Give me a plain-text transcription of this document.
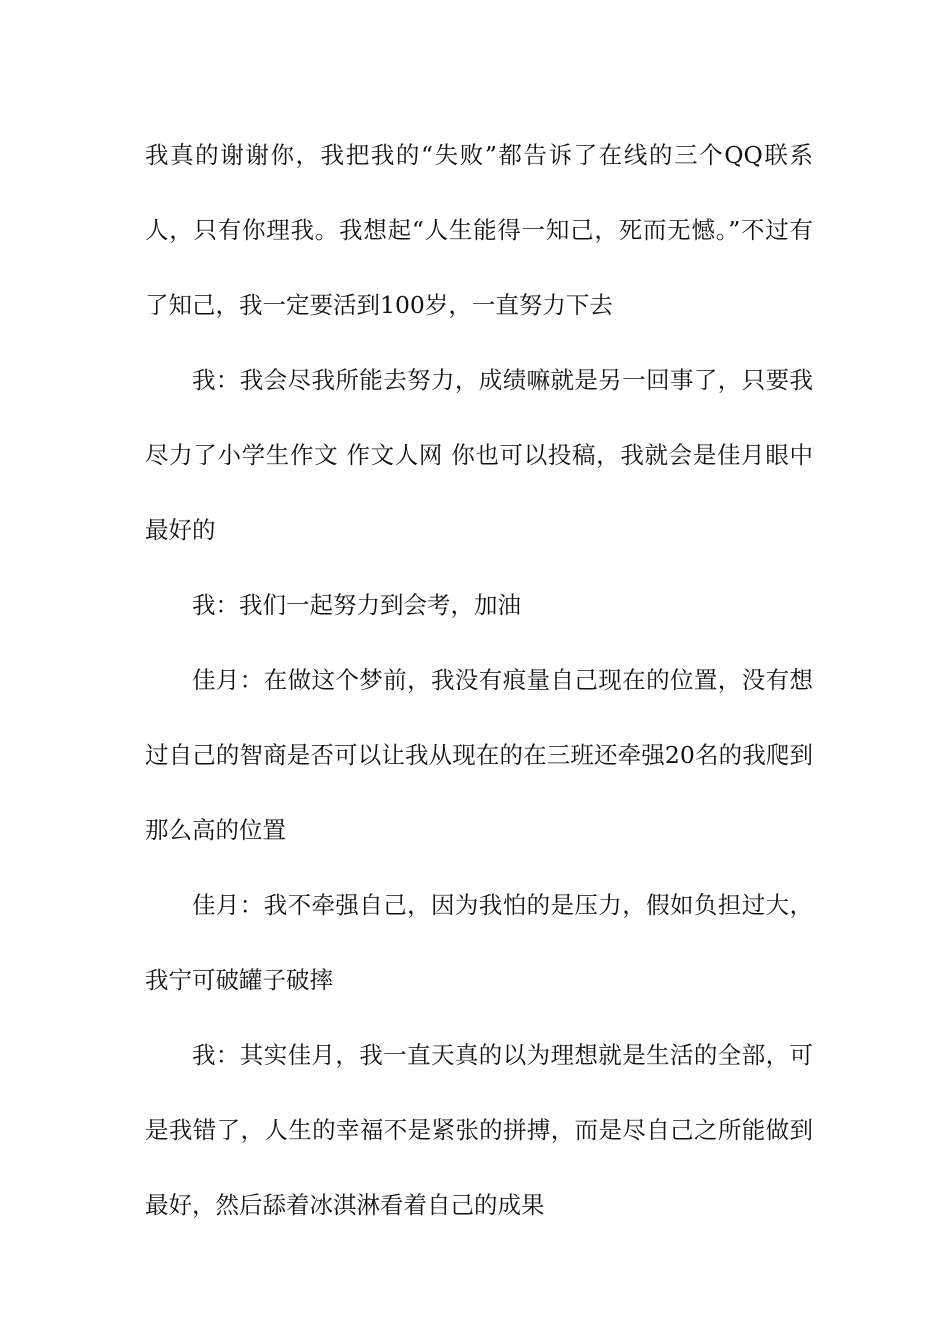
我真的谢谢你，我把我的“失败”都告诉了在线的三个QQ联系人，只有你理我。我想起“人生能得一知己，死而无憾。”不过有了知己，我一定要活到100岁，一直努力下去

我：我会尽我所能去努力，成绩嘛就是另一回事了，只要我尽力了小学生作文 作文人网 你也可以投稿，我就会是佳月眼中最好的

我：我们一起努力到会考，加油

佳月：在做这个梦前，我没有痕量自己现在的位置，没有想过自己的智商是否可以让我从现在的在三班还牵强20名的我爬到那么高的位置

佳月：我不牵强自己，因为我怕的是压力，假如负担过大，我宁可破罐子破摔

我：其实佳月，我一直天真的以为理想就是生活的全部，可是我错了，人生的幸福不是紧张的拼搏，而是尽自己之所能做到最好，然后舔着冰淇淋看着自己的成果
